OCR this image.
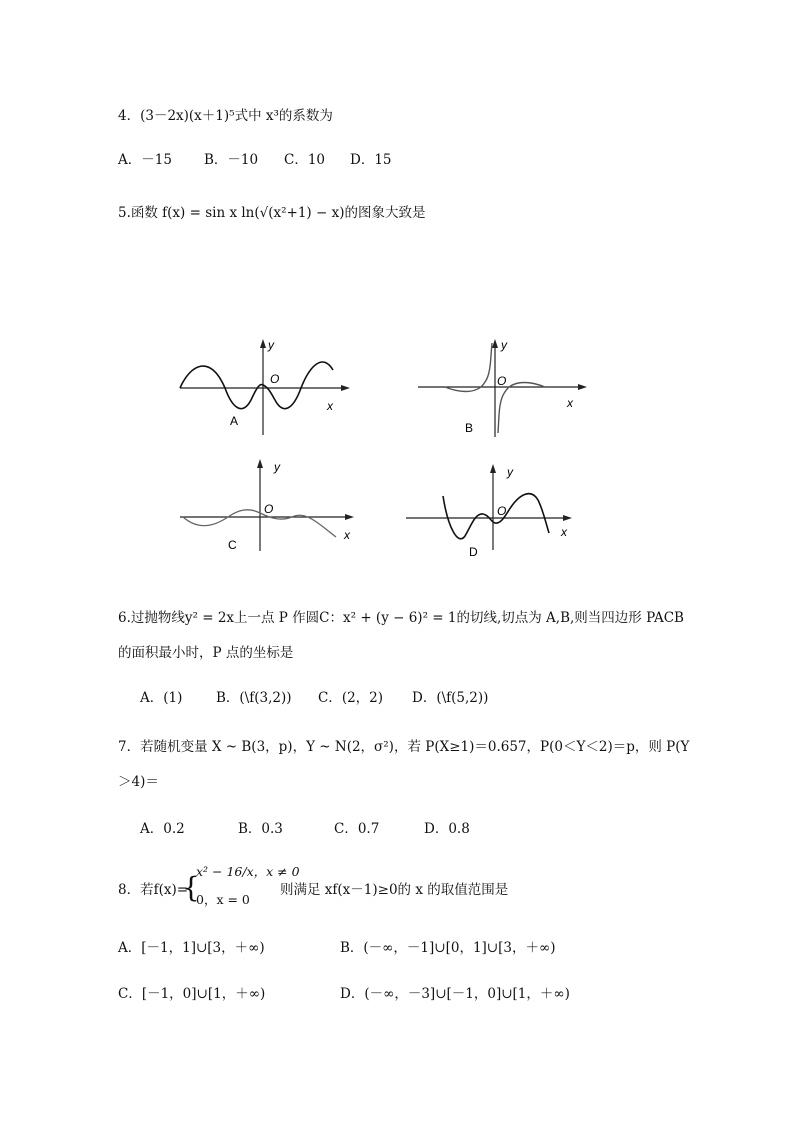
4．(3－2x)(x＋1)⁵式中 x³的系数为
A．－15 B．－10 C．10 D．15
5.函数 f(x) = sin x ln(√(x²+1) − x)的图象大致是
O
y
x
A
O
y
x
B
O
y
x
C
O
y
x
D
6.过抛物线y² = 2x上一点 P 作圆C：x² + (y − 6)² = 1的切线,切点为 A,B,则当四边形 PACB
的面积最小时，P 点的坐标是
A．(1) B．(\f(3,2)) C．(2，2) D．(\f(5,2))
7．若随机变量 X ~ B(3，p)，Y ~ N(2，σ²)，若 P(X≥1)＝0.657，P(0＜Y＜2)＝p，则 P(Y
＞4)＝
A．0.2	B．0.3	C．0.7	D．0.8
8．若f(x)=
{
x² − 16/x，x ≠ 0
0，x = 0
则满足 xf(x－1)≥0的 x 的取值范围是
A．[－1，1]∪[3，＋∞)	B．(－∞，－1]∪[0，1]∪[3，＋∞)
C．[－1，0]∪[1，＋∞)	D．(－∞，－3]∪[－1，0]∪[1，＋∞)
